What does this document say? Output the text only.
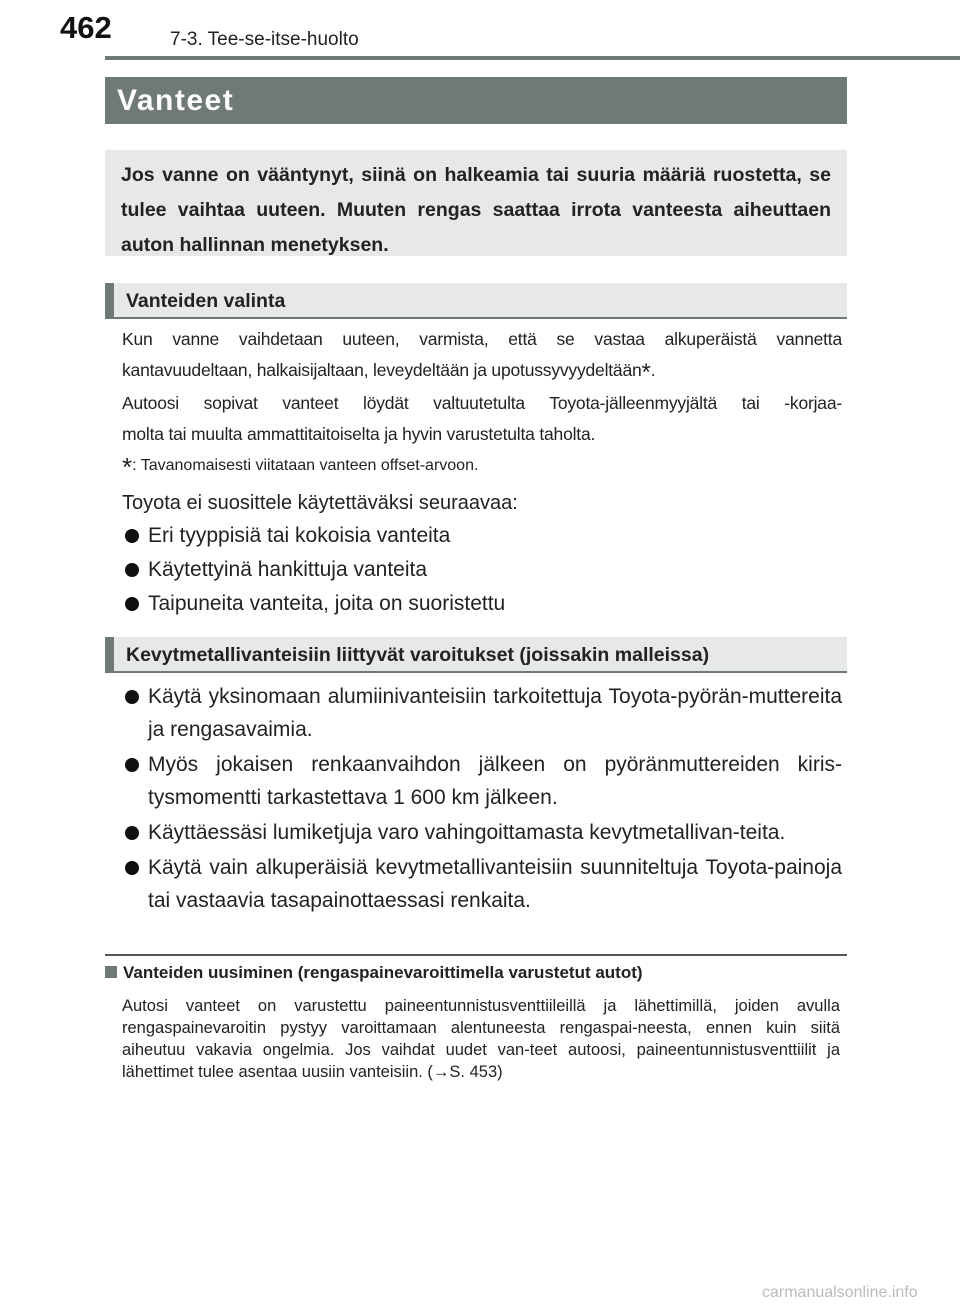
462	7-3. Tee-se-itse-huolto
Vanteet
Jos vanne on vääntynyt, siinä on halkeamia tai suuria määriä ruostetta, se tulee vaihtaa uuteen. Muuten rengas saattaa irrota vanteesta aiheuttaen auton hallinnan menetyksen.
Vanteiden valinta
Kun vanne vaihdetaan uuteen, varmista, että se vastaa alkuperäistä vannetta
kantavuudeltaan, halkaisijaltaan, leveydeltään ja upotussyvyydeltään*.
Autoosi sopivat vanteet löydät valtuutetulta Toyota-jälleenmyyjältä tai -korjaa-
molta tai muulta ammattitaitoiselta ja hyvin varustetulta taholta.
*: Tavanomaisesti viitataan vanteen offset-arvoon.
Toyota ei suosittele käytettäväksi seuraavaa:
Eri tyyppisiä tai kokoisia vanteita
Käytettyinä hankittuja vanteita
Taipuneita vanteita, joita on suoristettu
Kevytmetallivanteisiin liittyvät varoitukset (joissakin malleissa)
Käytä yksinomaan alumiinivanteisiin tarkoitettuja Toyota-pyörän-muttereita ja rengasavaimia.
Myös jokaisen renkaanvaihdon jälkeen on pyöränmuttereiden kiris-tysmomentti tarkastettava 1 600 km jälkeen.
Käyttäessäsi lumiketjuja varo vahingoittamasta kevytmetallivan-teita.
Käytä vain alkuperäisiä kevytmetallivanteisiin suunniteltuja Toyota-painoja tai vastaavia tasapainottaessasi renkaita.
Vanteiden uusiminen (rengaspainevaroittimella varustetut autot)
Autosi vanteet on varustettu paineentunnistusventtiileillä ja lähettimillä, joiden avulla rengaspainevaroitin pystyy varoittamaan alentuneesta rengaspai-neesta, ennen kuin siitä aiheutuu vakavia ongelmia. Jos vaihdat uudet van-teet autoosi, paineentunnistusventtiilit ja lähettimet tulee asentaa uusiin vanteisiin. (→S. 453)
carmanualsonline.info
